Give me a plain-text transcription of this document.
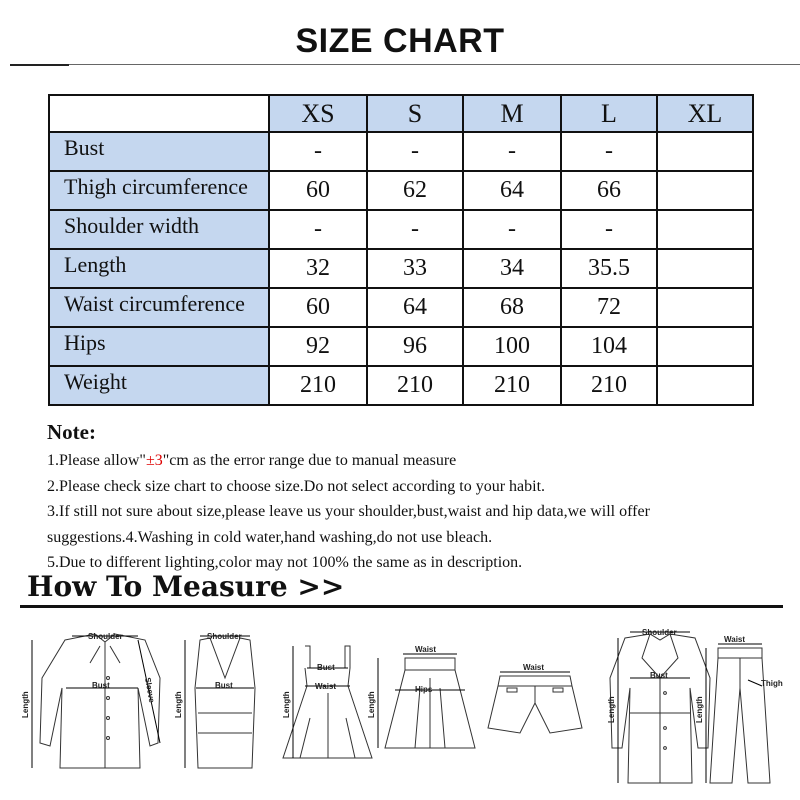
SIZE CHART
	XS	S	M	L	XL
Bust	-	-	-	-	
Thigh circumference	60	62	64	66	
Shoulder width	-	-	-	-	
Length	32	33	34	35.5	
Waist circumference	60	64	68	72	
Hips	92	96	100	104	
Weight	210	210	210	210	
Note:
1.Please allow"±3"cm as the error range due to manual measure
2.Please check size chart to choose size.Do not select according to your habit.
3.If still not sure about size,please leave us your shoulder,bust,waist and hip data,we will offer
suggestions.4.Washing in cold water,hand washing,do not use bleach.
5.Due to different lighting,color may not 100% the same as in description.
How To Measure >>
Shoulder
Bust
Length
Sleeve
Shoulder
Bust
Length
Bust
Waist
Length
Waist
Hips
Length
Waist
Shoulder
Bust
Length
Waist
Thigh
Length
